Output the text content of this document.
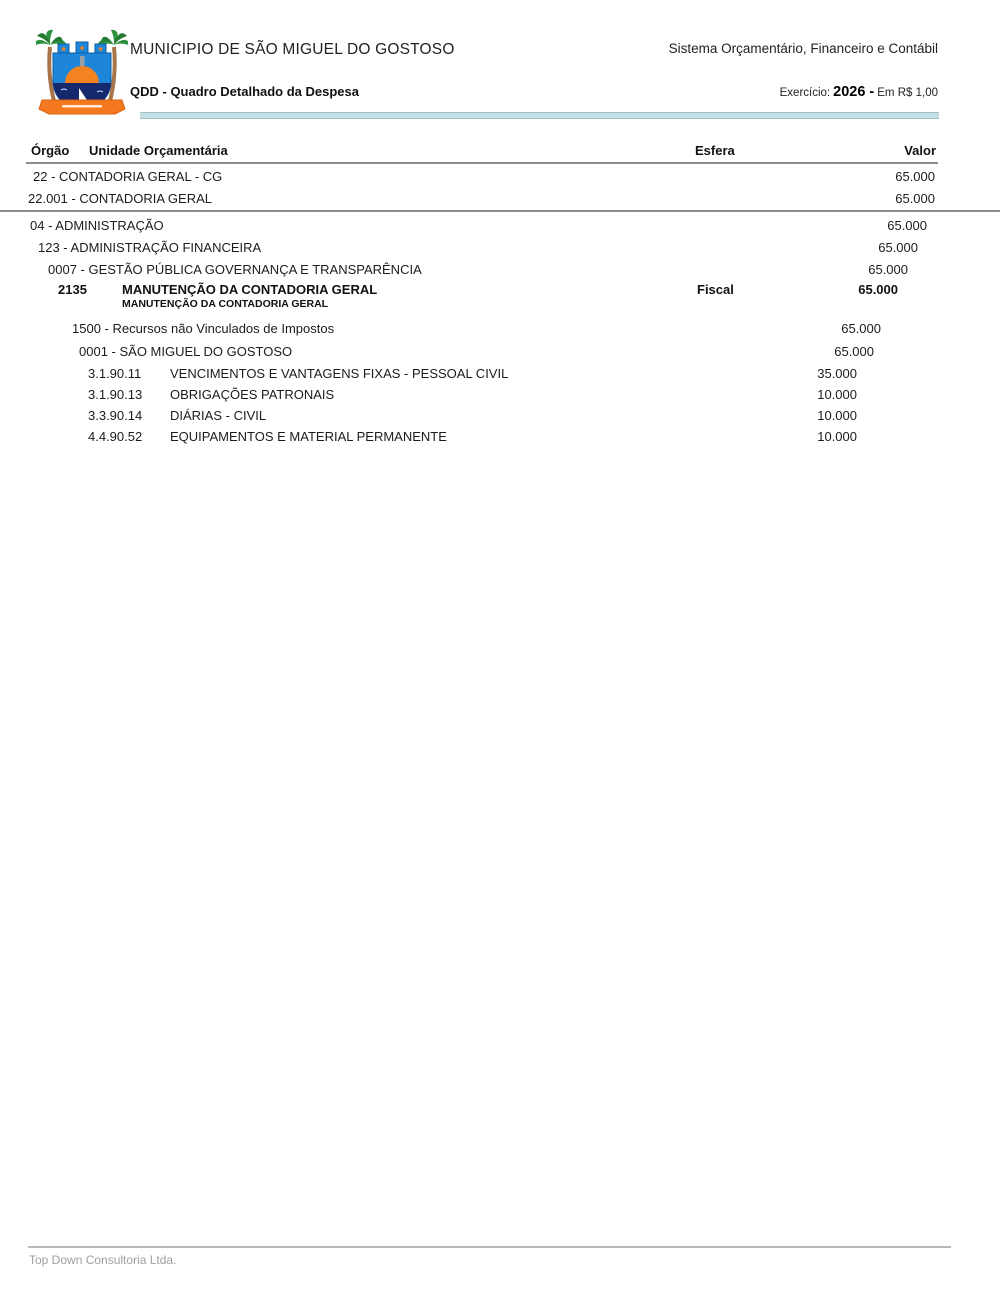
MUNICIPIO DE SÃO MIGUEL DO GOSTOSO	Sistema Orçamentário, Financeiro e Contábil
QDD - Quadro Detalhado da Despesa	Exercício: 2026 - Em R$ 1,00
Órgão Unidade Orçamentária	Esfera	Valor
22 - CONTADORIA GERAL - CG	65.000
22.001 - CONTADORIA GERAL	65.000
04 - ADMINISTRAÇÃO	65.000
123 - ADMINISTRAÇÃO FINANCEIRA	65.000
0007 - GESTÃO PÚBLICA GOVERNANÇA E TRANSPARÊNCIA	65.000
2135	MANUTENÇÃO DA CONTADORIA GERAL	Fiscal	65.000
MANUTENÇÃO DA CONTADORIA GERAL
1500 - Recursos não Vinculados de Impostos	65.000
0001 - SÃO MIGUEL DO GOSTOSO	65.000
3.1.90.11 VENCIMENTOS E VANTAGENS FIXAS - PESSOAL CIVIL	35.000
3.1.90.13 OBRIGAÇÕES PATRONAIS	10.000
3.3.90.14 DIÁRIAS - CIVIL	10.000
4.4.90.52 EQUIPAMENTOS E MATERIAL PERMANENTE	10.000
Top Down Consultoria Ltda.
